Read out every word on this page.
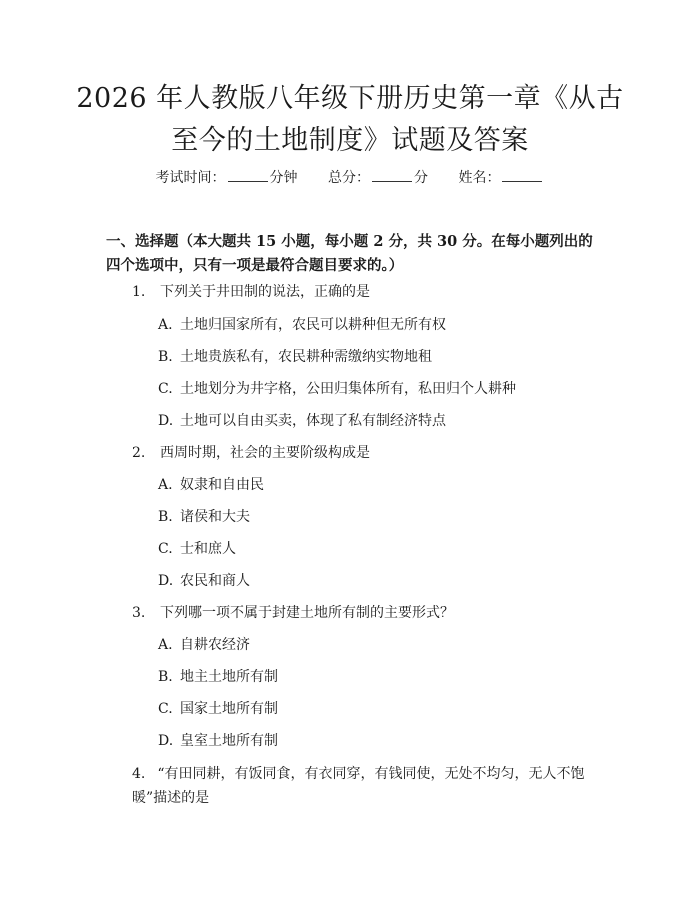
2026 年人教版八年级下册历史第一章《从古
至今的土地制度》试题及答案
考试时间：	分钟 总分：	分 姓名：
一、选择题（本大题共 15 小题，每小题 2 分，共 30 分。在每小题列出的四个选项中，只有一项是最符合题目要求的。）
1. 下列关于井田制的说法，正确的是
A. 土地归国家所有，农民可以耕种但无所有权
B. 土地贵族私有，农民耕种需缴纳实物地租
C. 土地划分为井字格，公田归集体所有，私田归个人耕种
D. 土地可以自由买卖，体现了私有制经济特点
2. 西周时期，社会的主要阶级构成是
A. 奴隶和自由民
B. 诸侯和大夫
C. 士和庶人
D. 农民和商人
3. 下列哪一项不属于封建土地所有制的主要形式？
A. 自耕农经济
B. 地主土地所有制
C. 国家土地所有制
D. 皇室土地所有制
4. “有田同耕，有饭同食，有衣同穿，有钱同使，无处不均匀，无人不饱暖”描述的是
